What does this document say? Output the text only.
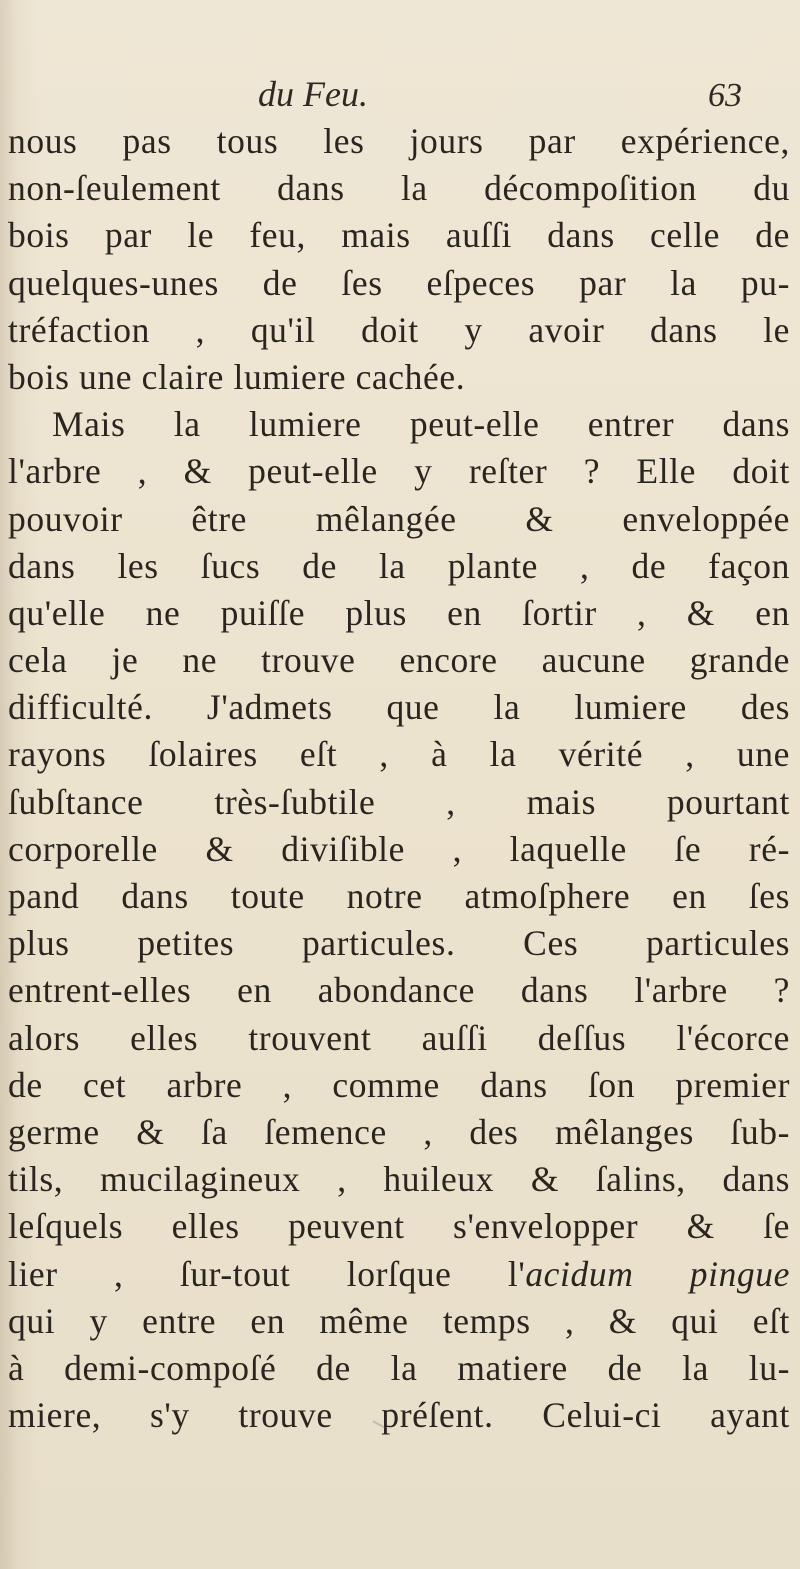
du Feu.	63
nous pas tous les jours par expérience,
non-ſeulement dans la décompoſition du
bois par le feu, mais auſſi dans celle de
quelques-unes de ſes eſpeces par la pu-
tréfaction , qu'il doit y avoir dans le
bois une claire lumiere cachée.
Mais la lumiere peut-elle entrer dans
l'arbre , & peut-elle y reſter ? Elle doit
pouvoir être mêlangée & enveloppée
dans les ſucs de la plante , de façon
qu'elle ne puiſſe plus en ſortir , & en
cela je ne trouve encore aucune grande
difficulté. J'admets que la lumiere des
rayons ſolaires eſt , à la vérité , une
ſubſtance très-ſubtile , mais pourtant
corporelle & diviſible , laquelle ſe ré-
pand dans toute notre atmoſphere en ſes
plus petites particules. Ces particules
entrent-elles en abondance dans l'arbre ?
alors elles trouvent auſſi deſſus l'écorce
de cet arbre , comme dans ſon premier
germe & ſa ſemence , des mêlanges ſub-
tils, mucilagineux , huileux & ſalins, dans
leſquels elles peuvent s'envelopper & ſe
lier , ſur-tout lorſque l'acidum pingue
qui y entre en même temps , & qui eſt
à demi-compoſé de la matiere de la lu-
miere, s'y trouve préſent. Celui-ci ayant
